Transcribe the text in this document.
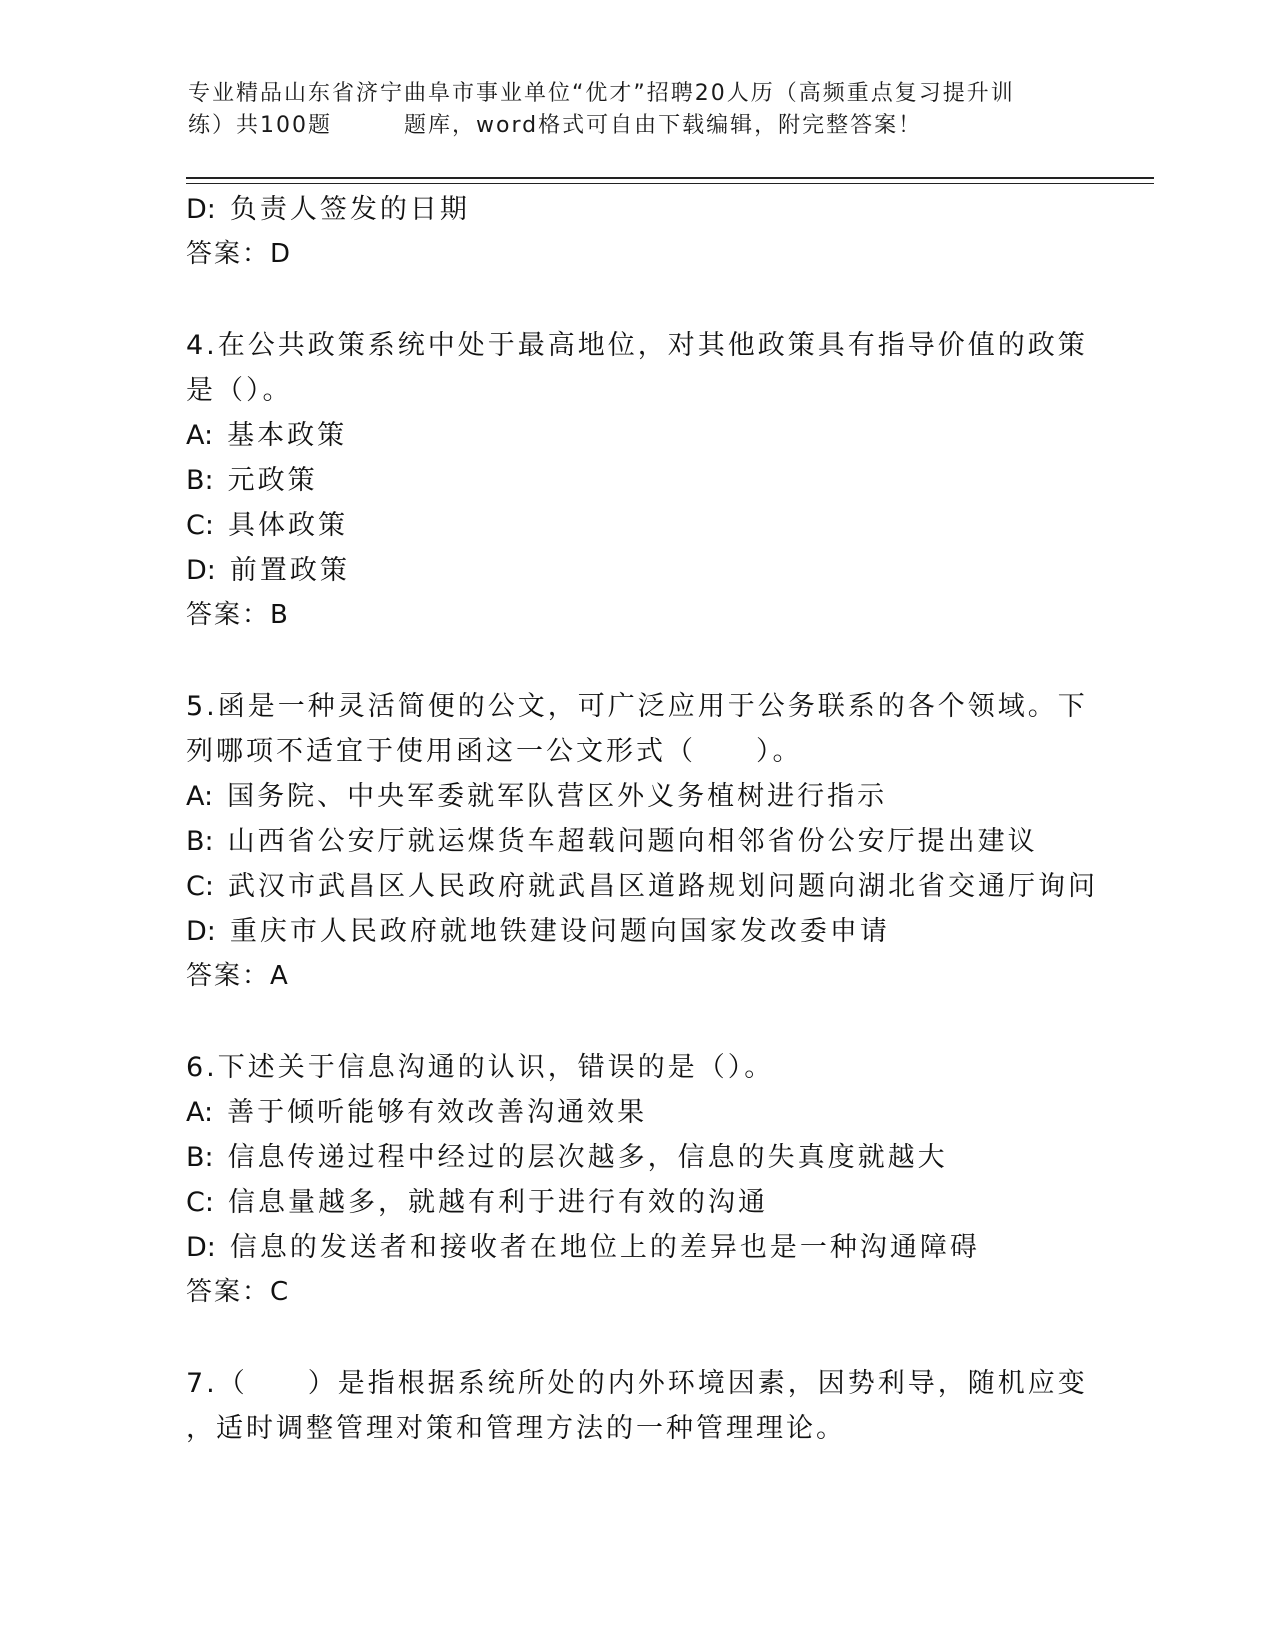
专业精品山东省济宁曲阜市事业单位“优才”招聘20人历（高频重点复习提升训
练）共100题	题库，word格式可自由下载编辑，附完整答案！
D: 负责人签发的日期
答案：D
4.在公共政策系统中处于最高地位，对其他政策具有指导价值的政策
是（）。
A: 基本政策
B: 元政策
C: 具体政策
D: 前置政策
答案：B
5.函是一种灵活简便的公文，可广泛应用于公务联系的各个领域。下
列哪项不适宜于使用函这一公文形式（　　）。
A: 国务院、中央军委就军队营区外义务植树进行指示
B: 山西省公安厅就运煤货车超载问题向相邻省份公安厅提出建议
C: 武汉市武昌区人民政府就武昌区道路规划问题向湖北省交通厅询问
D: 重庆市人民政府就地铁建设问题向国家发改委申请
答案：A
6.下述关于信息沟通的认识，错误的是（）。
A: 善于倾听能够有效改善沟通效果
B: 信息传递过程中经过的层次越多，信息的失真度就越大
C: 信息量越多，就越有利于进行有效的沟通
D: 信息的发送者和接收者在地位上的差异也是一种沟通障碍
答案：C
7.（　　）是指根据系统所处的内外环境因素，因势利导，随机应变
，适时调整管理对策和管理方法的一种管理理论。
